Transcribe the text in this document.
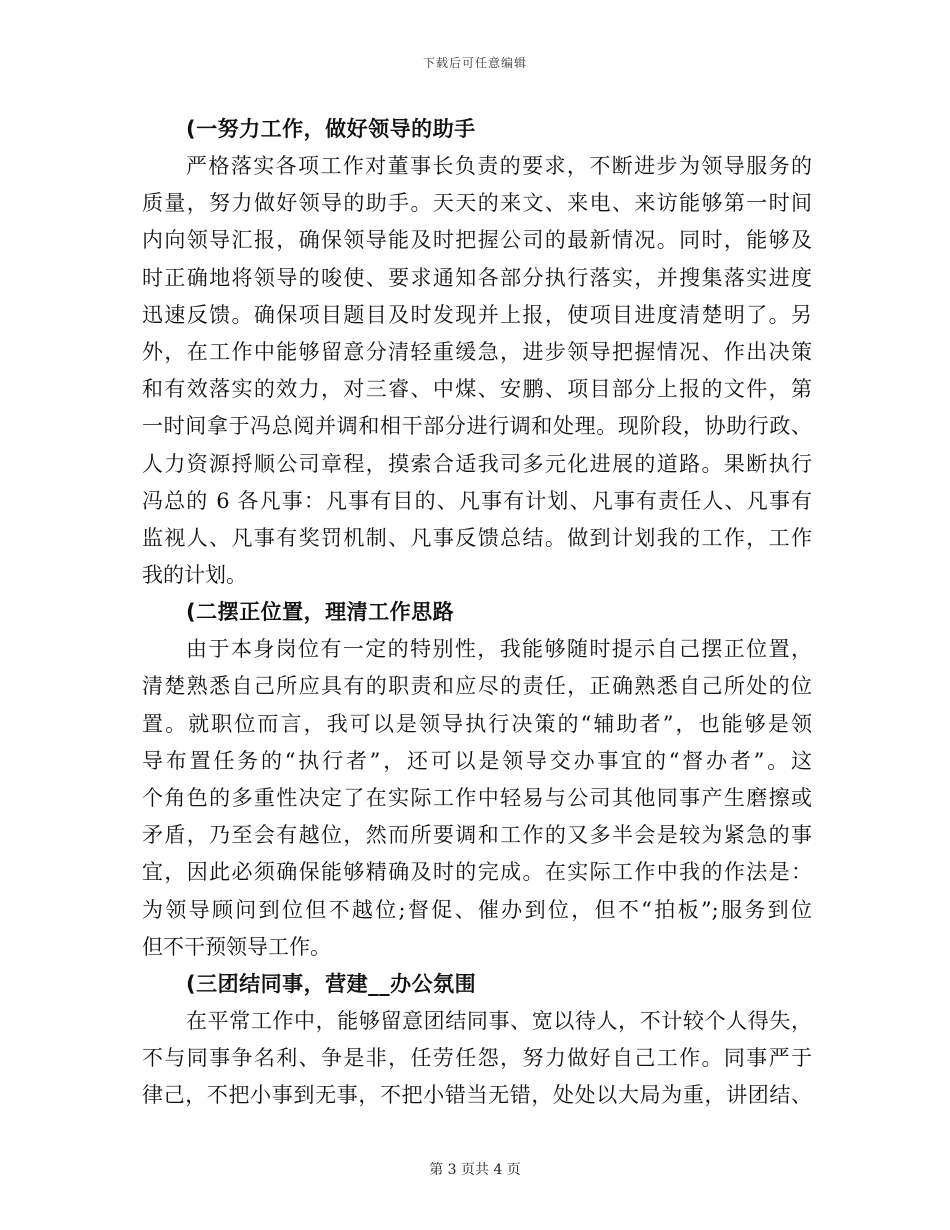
下载后可任意编辑
(一努力工作，做好领导的助手
严格落实各项工作对董事长负责的要求，不断进步为领导服务的
质量，努力做好领导的助手。天天的来文、来电、来访能够第一时间
内向领导汇报，确保领导能及时把握公司的最新情况。同时，能够及
时正确地将领导的唆使、要求通知各部分执行落实，并搜集落实进度
迅速反馈。确保项目题目及时发现并上报，使项目进度清楚明了。另
外，在工作中能够留意分清轻重缓急，进步领导把握情况、作出决策
和有效落实的效力，对三睿、中煤、安鹏、项目部分上报的文件，第
一时间拿于冯总阅并调和相干部分进行调和处理。现阶段，协助行政、
人力资源捋顺公司章程，摸索合适我司多元化进展的道路。果断执行
冯总的 6 各凡事：凡事有目的、凡事有计划、凡事有责任人、凡事有
监视人、凡事有奖罚机制、凡事反馈总结。做到计划我的工作，工作
我的计划。
(二摆正位置，理清工作思路
由于本身岗位有一定的特别性，我能够随时提示自己摆正位置，
清楚熟悉自己所应具有的职责和应尽的责任，正确熟悉自己所处的位
置。就职位而言，我可以是领导执行决策的“辅助者”，也能够是领
导布置任务的“执行者”，还可以是领导交办事宜的“督办者”。这
个角色的多重性决定了在实际工作中轻易与公司其他同事产生磨擦或
矛盾，乃至会有越位，然而所要调和工作的又多半会是较为紧急的事
宜，因此必须确保能够精确及时的完成。在实际工作中我的作法是：
为领导顾问到位但不越位;督促、催办到位，但不“拍板”;服务到位
但不干预领导工作。
(三团结同事，营建__办公氛围
在平常工作中，能够留意团结同事、宽以待人，不计较个人得失，
不与同事争名利、争是非，任劳任怨，努力做好自己工作。同事严于
律己，不把小事到无事，不把小错当无错，处处以大局为重，讲团结、
第 3 页共 4 页
